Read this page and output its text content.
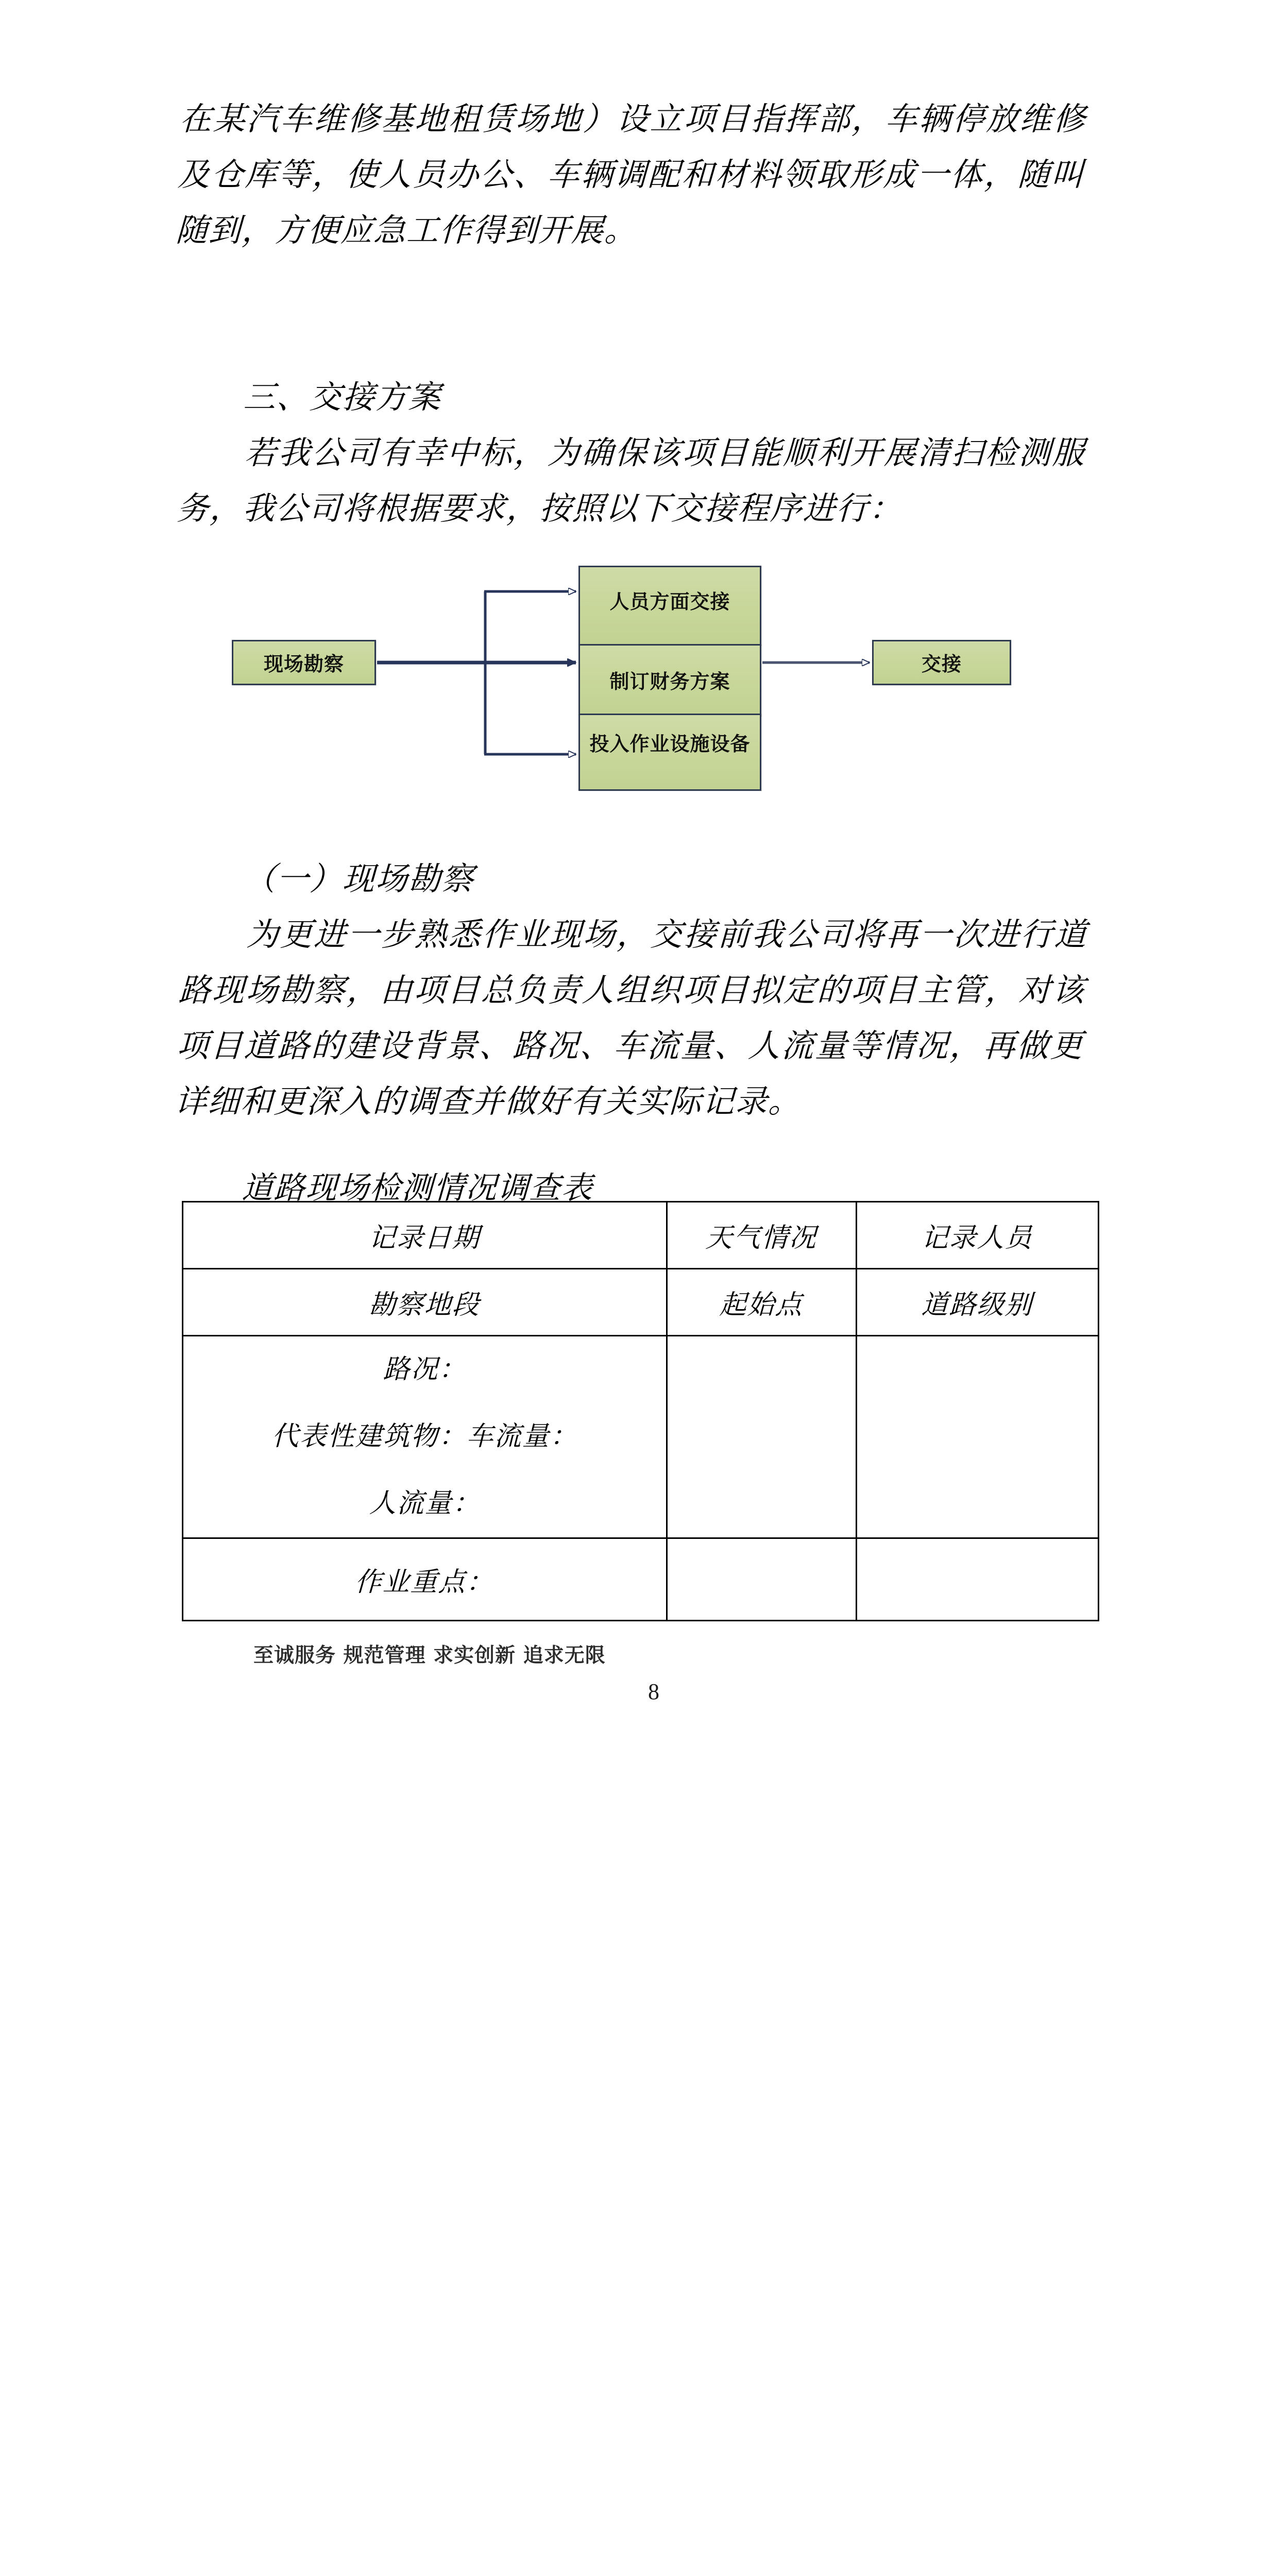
在某汽车维修基地租赁场地）设立项目指挥部，车辆停放维修及仓库等，使人员办公、车辆调配和材料领取形成一体，随叫随到，方便应急工作得到开展。
三、交接方案
若我公司有幸中标，为确保该项目能顺利开展清扫检测服务，我公司将根据要求，按照以下交接程序进行：
现场勘察
人员方面交接
制订财务方案
投入作业设施设备
交接
（一）现场勘察
为更进一步熟悉作业现场，交接前我公司将再一次进行道路现场勘察，由项目总负责人组织项目拟定的项目主管，对该项目道路的建设背景、路况、车流量、人流量等情况，再做更详细和更深入的调查并做好有关实际记录。
道路现场检测情况调查表
记录日期	天气情况	记录人员
勘察地段	起始点	道路级别

路况：
代表性建筑物：车流量：
人流量：		

作业重点：		
至诚服务 规范管理 求实创新 追求无限
8
